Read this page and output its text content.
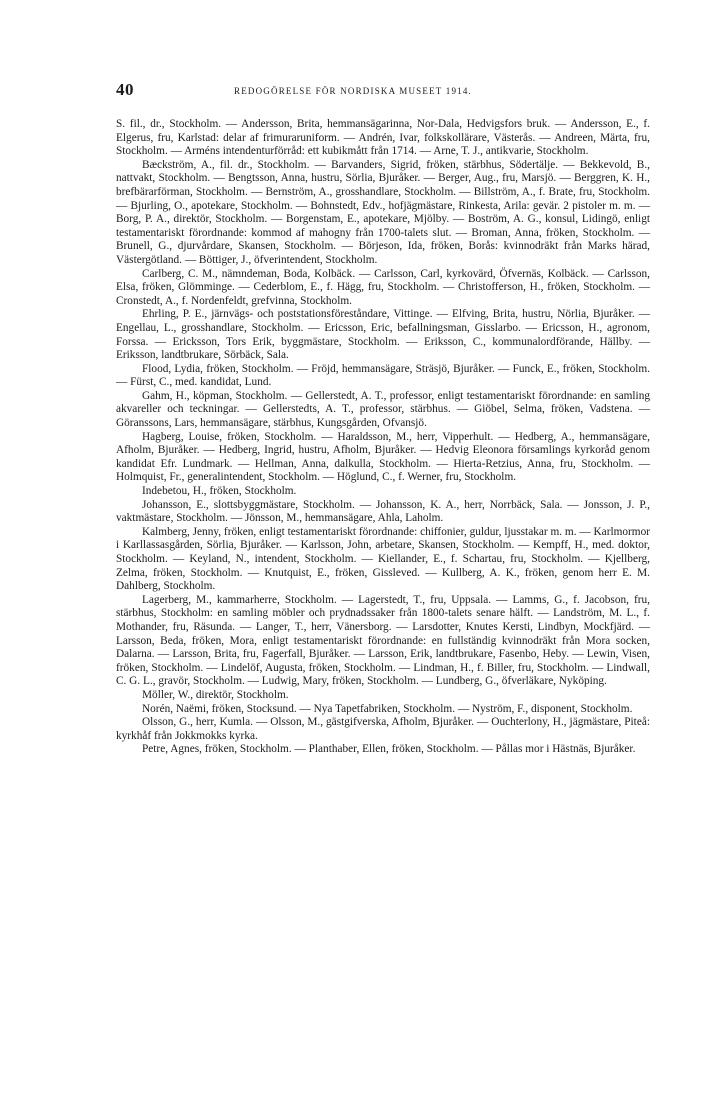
40	REDOGÖRELSE FÖR NORDISKA MUSEET 1914.

S. fil., dr., Stockholm. — Andersson, Brita, hemmansägarinna, Nor-Dala, Hedvigsfors bruk. — Andersson, E., f. Elgerus, fru, Karlstad: delar af frimuraruniform. — Andrén, Ivar, folkskollärare, Västerås. — Andreen, Märta, fru, Stockholm. — Arméns intendenturförråd: ett kubikmått från 1714. — Arne, T. J., antikvarie, Stockholm.

Bæckström, A., fil. dr., Stockholm. — Barvanders, Sigrid, fröken, stärbhus, Södertälje. — Bekkevold, B., nattvakt, Stockholm. — Bengtsson, Anna, hustru, Sörlia, Bjuråker. — Berger, Aug., fru, Marsjö. — Berggren, K. H., brefbärarförman, Stockholm. — Bernström, A., grosshandlare, Stockholm. — Billström, A., f. Brate, fru, Stockholm. — Bjurling, O., apotekare, Stockholm. — Bohnstedt, Edv., hofjägmästare, Rinkesta, Arila: gevär. 2 pistoler m. m. — Borg, P. A., direktör, Stockholm. — Borgenstam, E., apotekare, Mjölby. — Boström, A. G., konsul, Lidingö, enligt testamentariskt förordnande: kommod af mahogny från 1700-talets slut. — Broman, Anna, fröken, Stockholm. — Brunell, G., djurvårdare, Skansen, Stockholm. — Börjeson, Ida, fröken, Borås: kvinnodräkt från Marks härad, Västergötland. — Böttiger, J., öfverintendent, Stockholm.

Carlberg, C. M., nämndeman, Boda, Kolbäck. — Carlsson, Carl, kyrkovärd, Öfvernäs, Kolbäck. — Carlsson, Elsa, fröken, Glömminge. — Cederblom, E., f. Hägg, fru, Stockholm. — Christofferson, H., fröken, Stockholm. — Cronstedt, A., f. Nordenfeldt, grefvinna, Stockholm.

Ehrling, P. E., järnvägs- och poststationsföreståndare, Vittinge. — Elfving, Brita, hustru, Nörlia, Bjuråker. — Engellau, L., grosshandlare, Stockholm. — Ericsson, Eric, befallningsman, Gisslarbo. — Ericsson, H., agronom, Forssa. — Ericksson, Tors Erik, byggmästare, Stockholm. — Eriksson, C., kommunalordförande, Hällby. — Eriksson, landtbrukare, Sörbäck, Sala.

Flood, Lydia, fröken, Stockholm. — Fröjd, hemmansägare, Sträsjö, Bjuråker. — Funck, E., fröken, Stockholm. — Fürst, C., med. kandidat, Lund.

Gahm, H., köpman, Stockholm. — Gellerstedt, A. T., professor, enligt testamentariskt förordnande: en samling akvareller och teckningar. — Gellerstedts, A. T., professor, stärbhus. — Giöbel, Selma, fröken, Vadstena. — Göranssons, Lars, hemmansägare, stärbhus, Kungsgården, Ofvansjö.

Hagberg, Louise, fröken, Stockholm. — Haraldsson, M., herr, Vipperhult. — Hedberg, A., hemmansägare, Afholm, Bjuråker. — Hedberg, Ingrid, hustru, Afholm, Bjuråker. — Hedvig Eleonora församlings kyrkoråd genom kandidat Efr. Lundmark. — Hellman, Anna, dalkulla, Stockholm. — Hierta-Retzius, Anna, fru, Stockholm. — Holmquist, Fr., generalintendent, Stockholm. — Höglund, C., f. Werner, fru, Stockholm.

Indebetou, H., fröken, Stockholm.

Johansson, E., slottsbyggmästare, Stockholm. — Johansson, K. A., herr, Norrbäck, Sala. — Jonsson, J. P., vaktmästare, Stockholm. — Jönsson, M., hemmansägare, Ahla, Laholm.

Kalmberg, Jenny, fröken, enligt testamentariskt förordnande: chiffonier, guldur, ljusstakar m. m. — Karlmormor i Karllassasgården, Sörlia, Bjuråker. — Karlsson, John, arbetare, Skansen, Stockholm. — Kempff, H., med. doktor, Stockholm. — Keyland, N., intendent, Stockholm. — Kiellander, E., f. Schartau, fru, Stockholm. — Kjellberg, Zelma, fröken, Stockholm. — Knutquist, E., fröken, Gissleved. — Kullberg, A. K., fröken, genom herr E. M. Dahlberg, Stockholm.

Lagerberg, M., kammarherre, Stockholm. — Lagerstedt, T., fru, Uppsala. — Lamms, G., f. Jacobson, fru, stärbhus, Stockholm: en samling möbler och prydnadssaker från 1800-talets senare hälft. — Landström, M. L., f. Mothander, fru, Räsunda. — Langer, T., herr, Vänersborg. — Larsdotter, Knutes Kersti, Lindbyn, Mockfjärd. — Larsson, Beda, fröken, Mora, enligt testamentariskt förordnande: en fullständig kvinnodräkt från Mora socken, Dalarna. — Larsson, Brita, fru, Fagerfall, Bjuråker. — Larsson, Erik, landtbrukare, Fasenbo, Heby. — Lewin, Visen, fröken, Stockholm. — Lindelöf, Augusta, fröken, Stockholm. — Lindman, H., f. Biller, fru, Stockholm. — Lindwall, C. G. L., gravör, Stockholm. — Ludwig, Mary, fröken, Stockholm. — Lundberg, G., öfverläkare, Nyköping.

Möller, W., direktör, Stockholm.

Norén, Naëmi, fröken, Stocksund. — Nya Tapetfabriken, Stockholm. — Nyström, F., disponent, Stockholm.

Olsson, G., herr, Kumla. — Olsson, M., gästgifverska, Afholm, Bjuråker. — Ouchterlony, H., jägmästare, Piteå: kyrkhåf från Jokkmokks kyrka.

Petre, Agnes, fröken, Stockholm. — Planthaber, Ellen, fröken, Stockholm. — Pållas mor i Hästnäs, Bjuråker.
